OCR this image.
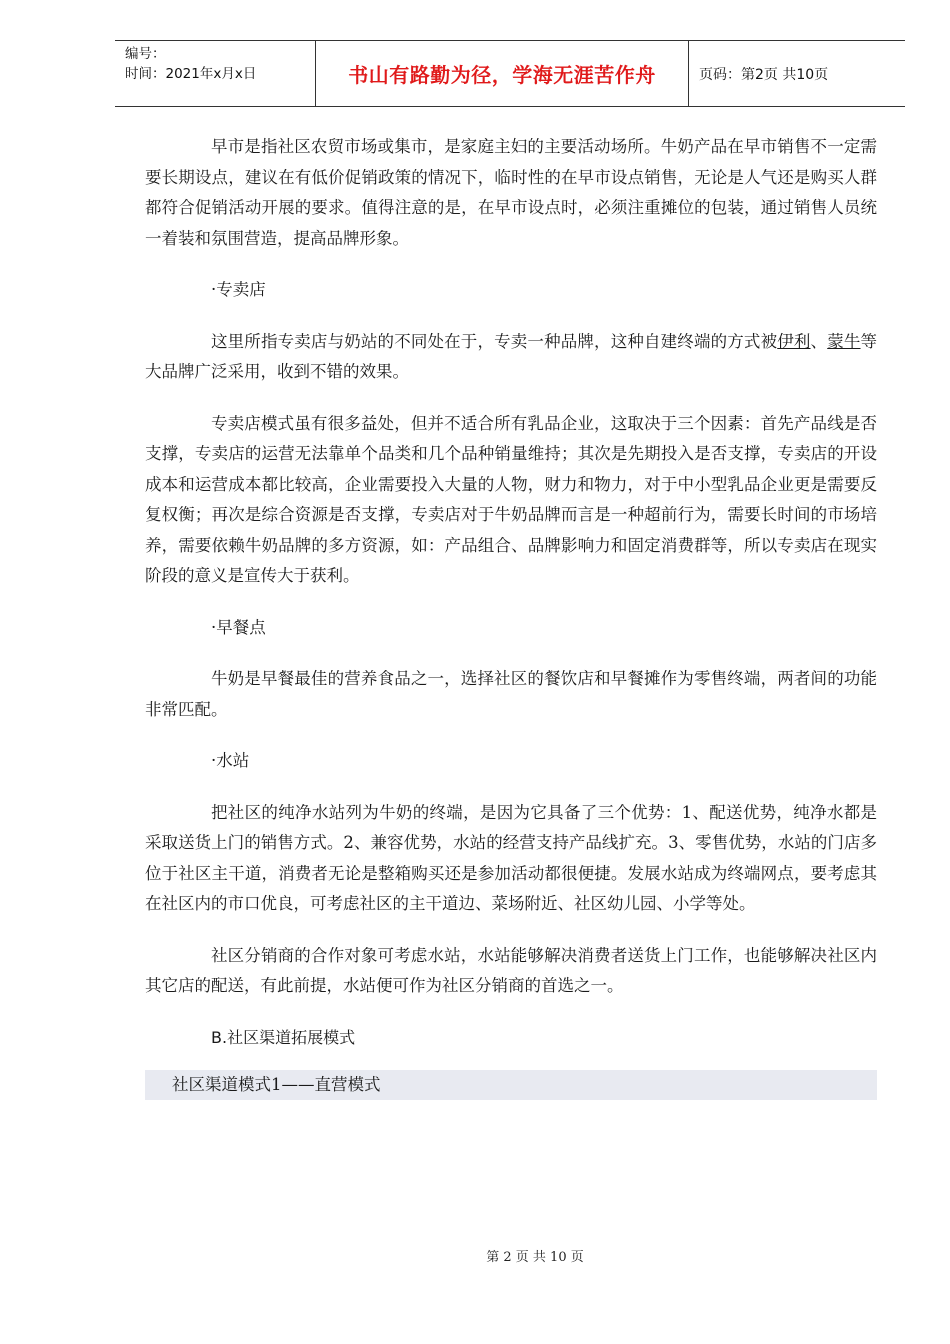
编号：
时间：2021年x月x日	书山有路勤为径，学海无涯苦作舟	页码：第2页 共10页

早市是指社区农贸市场或集市，是家庭主妇的主要活动场所。牛奶产品在早市销售不一定需要长期设点，建议在有低价促销政策的情况下，临时性的在早市设点销售，无论是人气还是购买人群都符合促销活动开展的要求。值得注意的是，在早市设点时，必须注重摊位的包装，通过销售人员统一着装和氛围营造，提高品牌形象。

·专卖店

这里所指专卖店与奶站的不同处在于，专卖一种品牌，这种自建终端的方式被伊利、蒙牛等大品牌广泛采用，收到不错的效果。

专卖店模式虽有很多益处，但并不适合所有乳品企业，这取决于三个因素：首先产品线是否支撑，专卖店的运营无法靠单个品类和几个品种销量维持；其次是先期投入是否支撑，专卖店的开设成本和运营成本都比较高，企业需要投入大量的人物，财力和物力，对于中小型乳品企业更是需要反复权衡；再次是综合资源是否支撑，专卖店对于牛奶品牌而言是一种超前行为，需要长时间的市场培养，需要依赖牛奶品牌的多方资源，如：产品组合、品牌影响力和固定消费群等，所以专卖店在现实阶段的意义是宣传大于获利。

·早餐点

牛奶是早餐最佳的营养食品之一，选择社区的餐饮店和早餐摊作为零售终端，两者间的功能非常匹配。

·水站

把社区的纯净水站列为牛奶的终端，是因为它具备了三个优势：1、配送优势，纯净水都是采取送货上门的销售方式。2、兼容优势，水站的经营支持产品线扩充。3、零售优势，水站的门店多位于社区主干道，消费者无论是整箱购买还是参加活动都很便捷。发展水站成为终端网点，要考虑其在社区内的市口优良，可考虑社区的主干道边、菜场附近、社区幼儿园、小学等处。

社区分销商的合作对象可考虑水站，水站能够解决消费者送货上门工作，也能够解决社区内其它店的配送，有此前提，水站便可作为社区分销商的首选之一。

B.社区渠道拓展模式

社区渠道模式1——直营模式
第 2 页 共 10 页
